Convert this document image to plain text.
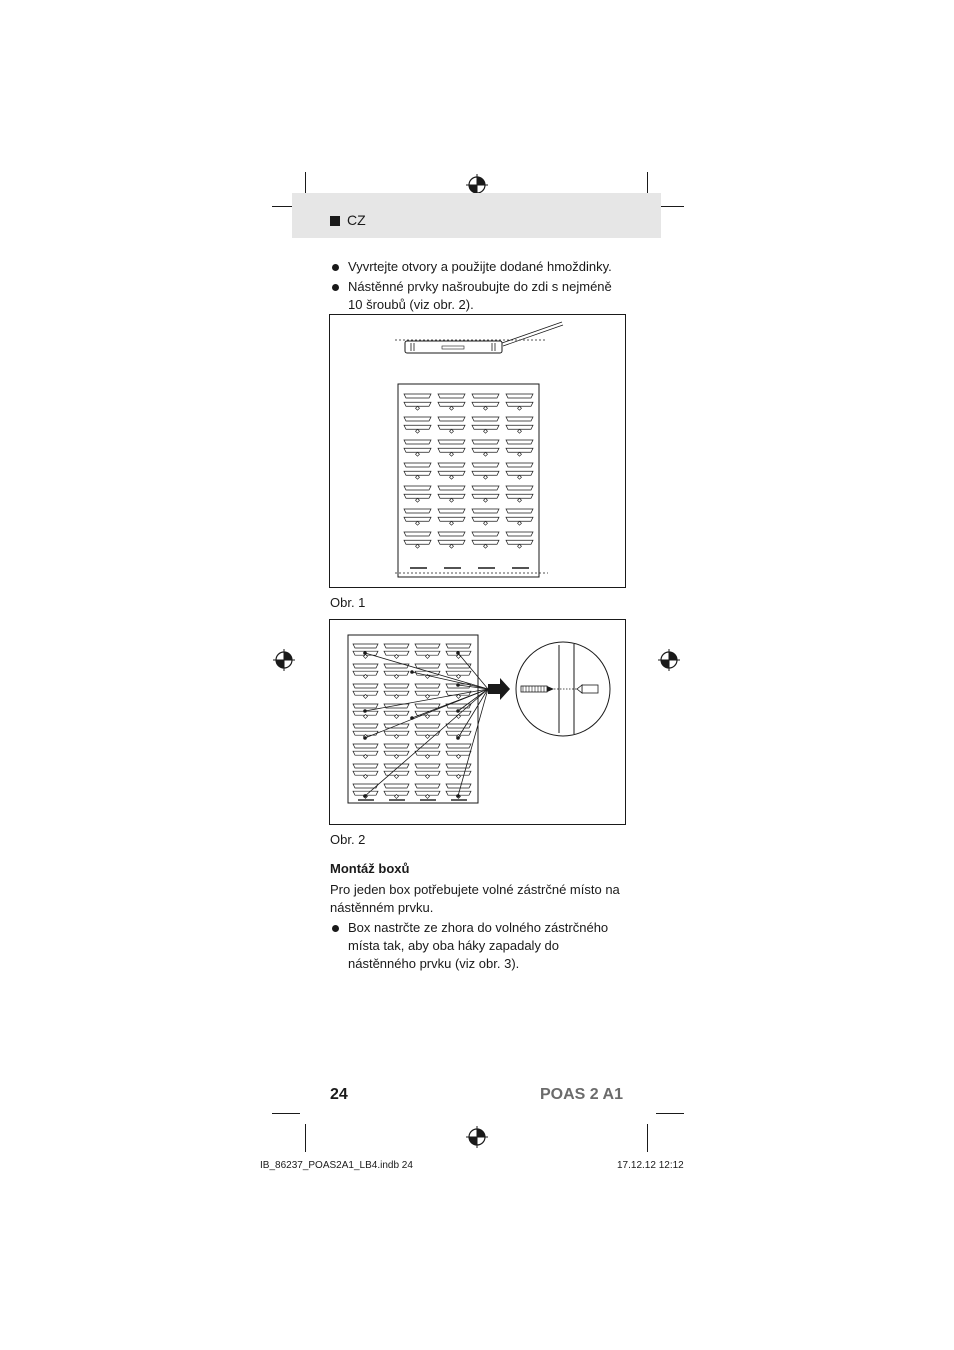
CZ
Vyvrtejte otvory a použijte dodané hmoždinky.
Nástěnné prvky našroubujte do zdi s nejméně 10 šroubů (viz obr. 2).
Obr. 1
Obr. 2
Montáž boxů
Pro jeden box potřebujete volné zástrčné místo na nástěnném prvku.
Box nastrčte ze zhora do volného zástrčného místa tak, aby oba háky zapadaly do nástěnného prvku (viz obr. 3).
24	POAS 2 A1
IB_86237_POAS2A1_LB4.indb 24	17.12.12 12:12
